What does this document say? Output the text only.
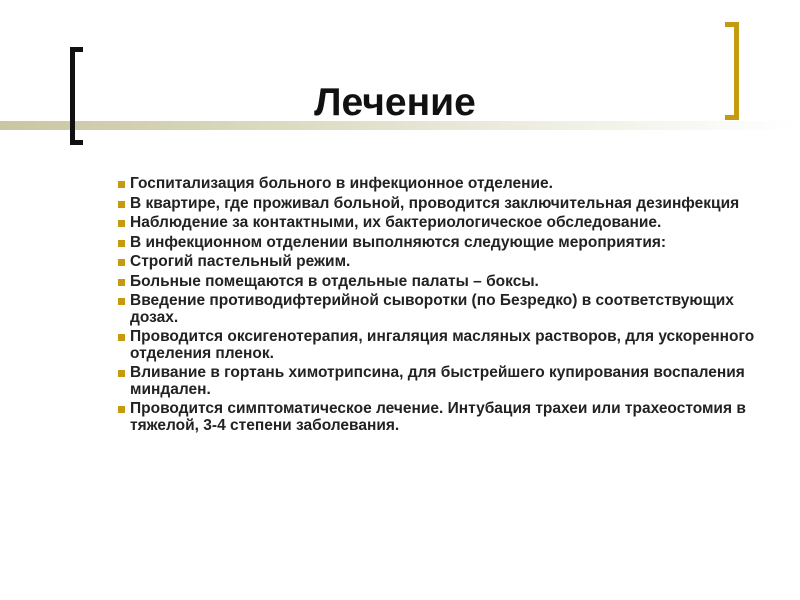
Лечение
Госпитализация больного в инфекционное отделение.
В квартире, где проживал больной, проводится заключительная дезинфекция
Наблюдение за контактными, их бактериологическое обследование.
В инфекционном отделении выполняются следующие мероприятия:
Строгий пастельный режим.
Больные помещаются в отдельные палаты – боксы.
Введение противодифтерийной сыворотки (по Безредко) в соответствующих дозах.
Проводится оксигенотерапия, ингаляция масляных растворов, для ускоренного отделения пленок.
Вливание в гортань химотрипсина, для быстрейшего купирования воспаления миндален.
Проводится симптоматическое лечение. Интубация трахеи или трахеостомия в тяжелой, 3-4 степени заболевания.
